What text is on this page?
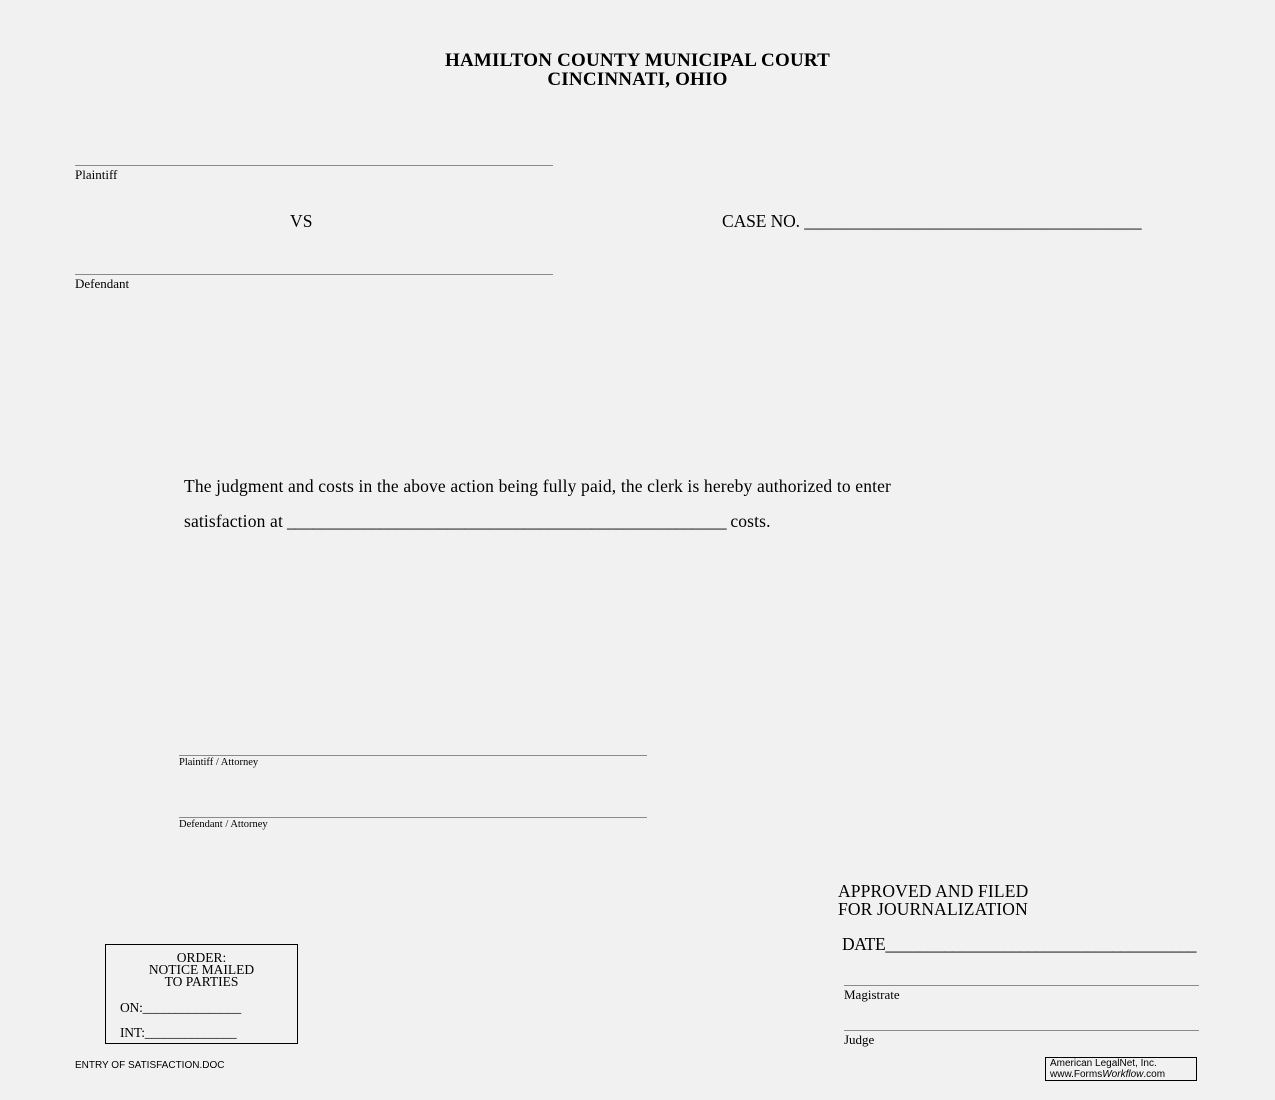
HAMILTON COUNTY MUNICIPAL COURT
CINCINNATI, OHIO
Plaintiff
VS	CASE NO. _______________________________________
Defendant
The judgment and costs in the above action being fully paid, the clerk is hereby authorized to enter
satisfaction at ____________________________________________________ costs.
Plaintiff / Attorney
Defendant / Attorney
APPROVED AND FILED
FOR JOURNALIZATION
DATE_____________________________________
Magistrate
Judge
ORDER:
NOTICE MAILED
TO PARTIES
ON:_______________
INT:______________
ENTRY OF SATISFACTION.DOC	American LegalNet, Inc.
www.FormsWorkflow.com
